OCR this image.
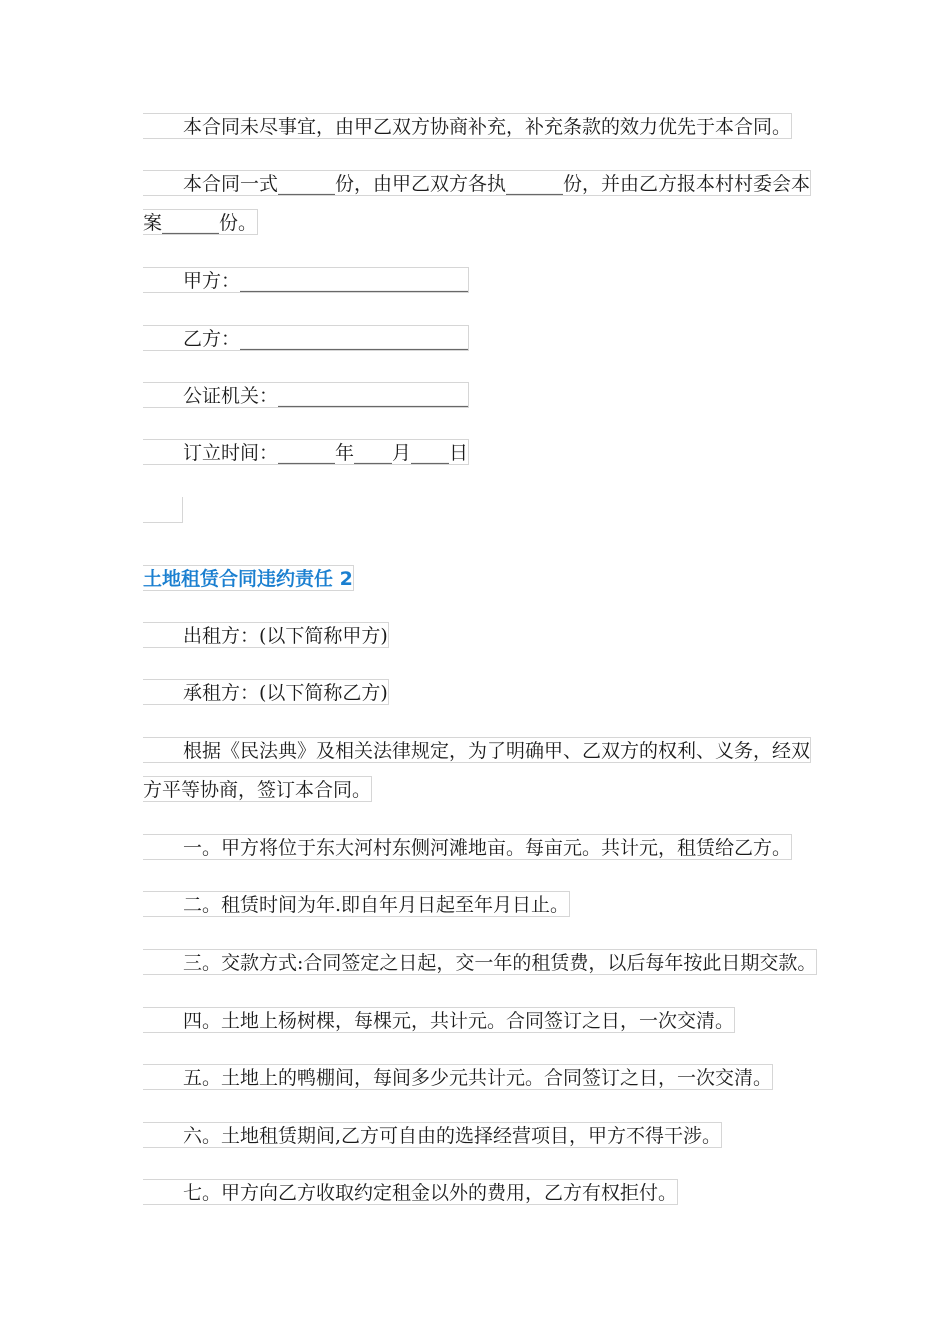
本合同未尽事宜，由甲乙双方协商补充，补充条款的效力优先于本合同。
本合同一式______份，由甲乙双方各执______份，并由乙方报本村村委会本
案______份。
甲方：________________________
乙方：________________________
公证机关：____________________
订立时间：______年____月____日
土地租赁合同违约责任 2
出租方：(以下简称甲方)
承租方：(以下简称乙方)
根据《民法典》及相关法律规定，为了明确甲、乙双方的权利、义务，经双
方平等协商，签订本合同。
一。甲方将位于东大河村东侧河滩地亩。每亩元。共计元，租赁给乙方。
二。租赁时间为年.即自年月日起至年月日止。
三。交款方式:合同签定之日起，交一年的租赁费，以后每年按此日期交款。
四。土地上杨树棵，每棵元，共计元。合同签订之日，一次交清。
五。土地上的鸭棚间，每间多少元共计元。合同签订之日，一次交清。
六。土地租赁期间,乙方可自由的选择经营项目，甲方不得干涉。
七。甲方向乙方收取约定租金以外的费用，乙方有权拒付。
